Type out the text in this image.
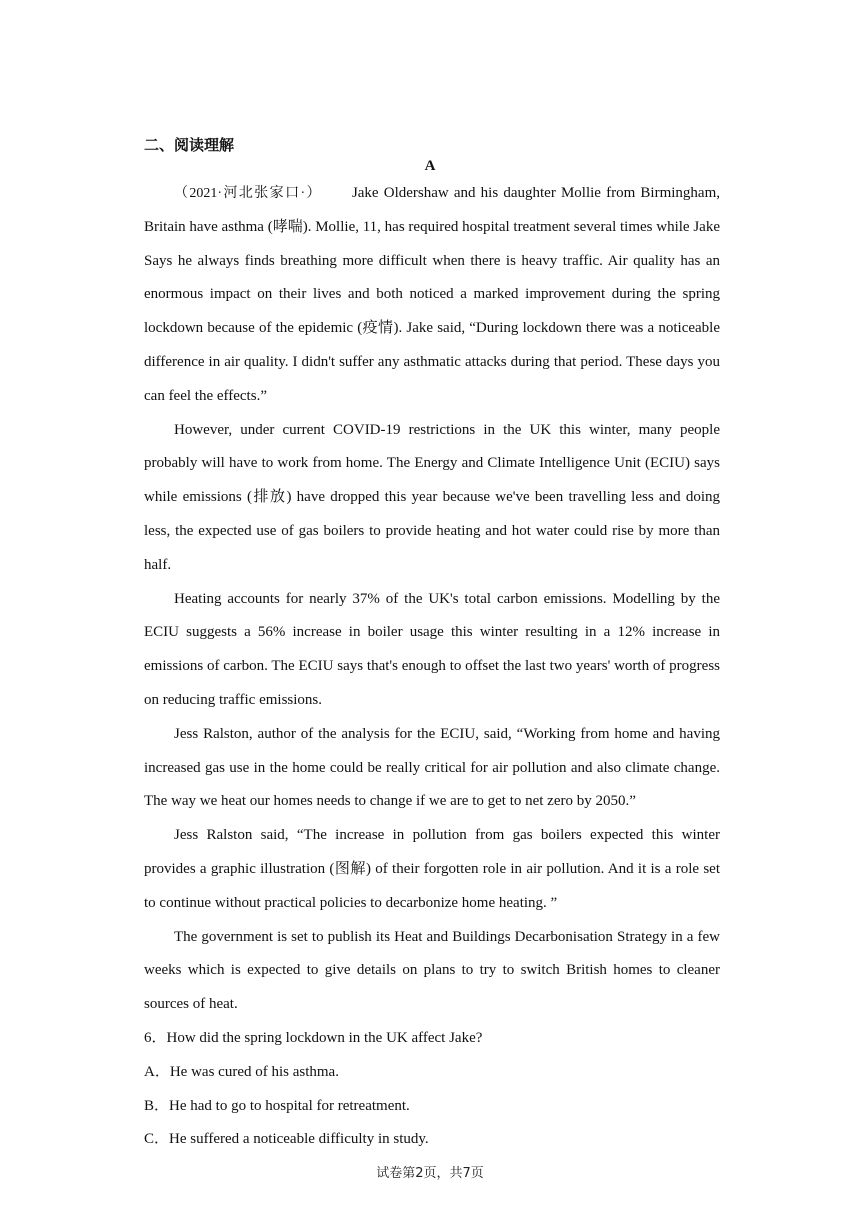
二、阅读理解
A

（2021·河北张家口·） Jake Oldershaw and his daughter Mollie from Birmingham, Britain have asthma (哮喘). Mollie, 11, has required hospital treatment several times while Jake Says he always finds breathing more difficult when there is heavy traffic. Air quality has an enormous impact on their lives and both noticed a marked improvement during the spring lockdown because of the epidemic (疫情). Jake said, “During lockdown there was a noticeable difference in air quality. I didn't suffer any asthmatic attacks during that period. These days you can feel the effects.”

However, under current COVID-19 restrictions in the UK this winter, many people probably will have to work from home. The Energy and Climate Intelligence Unit (ECIU) says while emissions (排放) have dropped this year because we've been travelling less and doing less, the expected use of gas boilers to provide heating and hot water could rise by more than half.

Heating accounts for nearly 37% of the UK's total carbon emissions. Modelling by the ECIU suggests a 56% increase in boiler usage this winter resulting in a 12% increase in emissions of carbon. The ECIU says that's enough to offset the last two years' worth of progress on reducing traffic emissions.

Jess Ralston, author of the analysis for the ECIU, said, “Working from home and having increased gas use in the home could be really critical for air pollution and also climate change. The way we heat our homes needs to change if we are to get to net zero by 2050.”

Jess Ralston said, “The increase in pollution from gas boilers expected this winter provides a graphic illustration (图解) of their forgotten role in air pollution. And it is a role set to continue without practical policies to decarbonize home heating. ”

The government is set to publish its Heat and Buildings Decarbonisation Strategy in a few weeks which is expected to give details on plans to try to switch British homes to cleaner sources of heat.

6．How did the spring lockdown in the UK affect Jake?

A．He was cured of his asthma.

B．He had to go to hospital for retreatment.

C．He suffered a noticeable difficulty in study.

试卷第2页，共7页
